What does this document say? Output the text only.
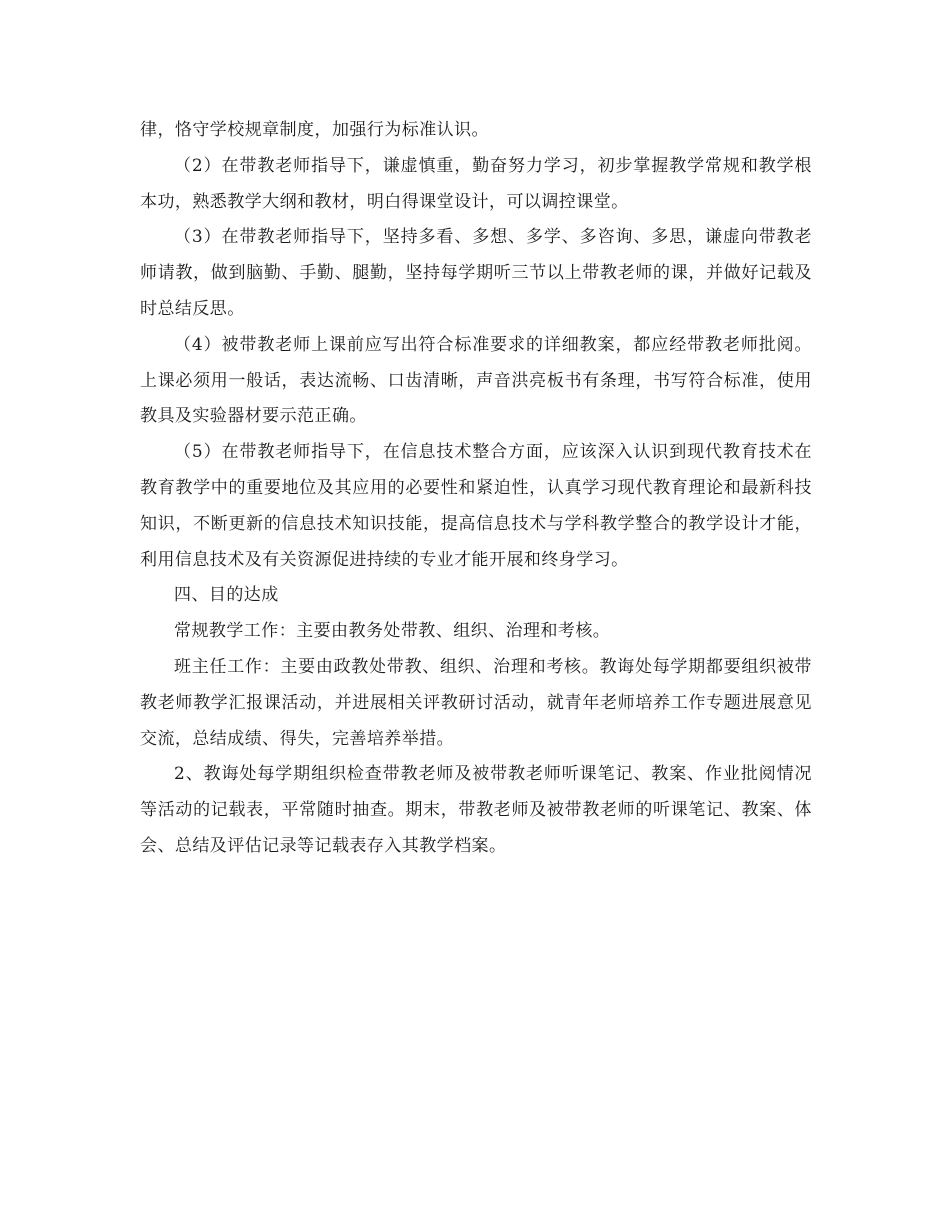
律，恪守学校规章制度，加强行为标准认识。

（2）在带教老师指导下，谦虚慎重，勤奋努力学习，初步掌握教学常规和教学根本功，熟悉教学大纲和教材，明白得课堂设计，可以调控课堂。

（3）在带教老师指导下，坚持多看、多想、多学、多咨询、多思，谦虚向带教老师请教，做到脑勤、手勤、腿勤，坚持每学期听三节以上带教老师的课，并做好记载及时总结反思。

（4）被带教老师上课前应写出符合标准要求的详细教案，都应经带教老师批阅。上课必须用一般话，表达流畅、口齿清晰，声音洪亮板书有条理，书写符合标准，使用教具及实验器材要示范正确。

（5）在带教老师指导下，在信息技术整合方面，应该深入认识到现代教育技术在教育教学中的重要地位及其应用的必要性和紧迫性，认真学习现代教育理论和最新科技知识，不断更新的信息技术知识技能，提高信息技术与学科教学整合的教学设计才能，利用信息技术及有关资源促进持续的专业才能开展和终身学习。

四、目的达成

常规教学工作：主要由教务处带教、组织、治理和考核。

班主任工作：主要由政教处带教、组织、治理和考核。教诲处每学期都要组织被带教老师教学汇报课活动，并进展相关评教研讨活动，就青年老师培养工作专题进展意见交流，总结成绩、得失，完善培养举措。

2、教诲处每学期组织检查带教老师及被带教老师听课笔记、教案、作业批阅情况等活动的记载表，平常随时抽查。期末，带教老师及被带教老师的听课笔记、教案、体会、总结及评估记录等记载表存入其教学档案。
